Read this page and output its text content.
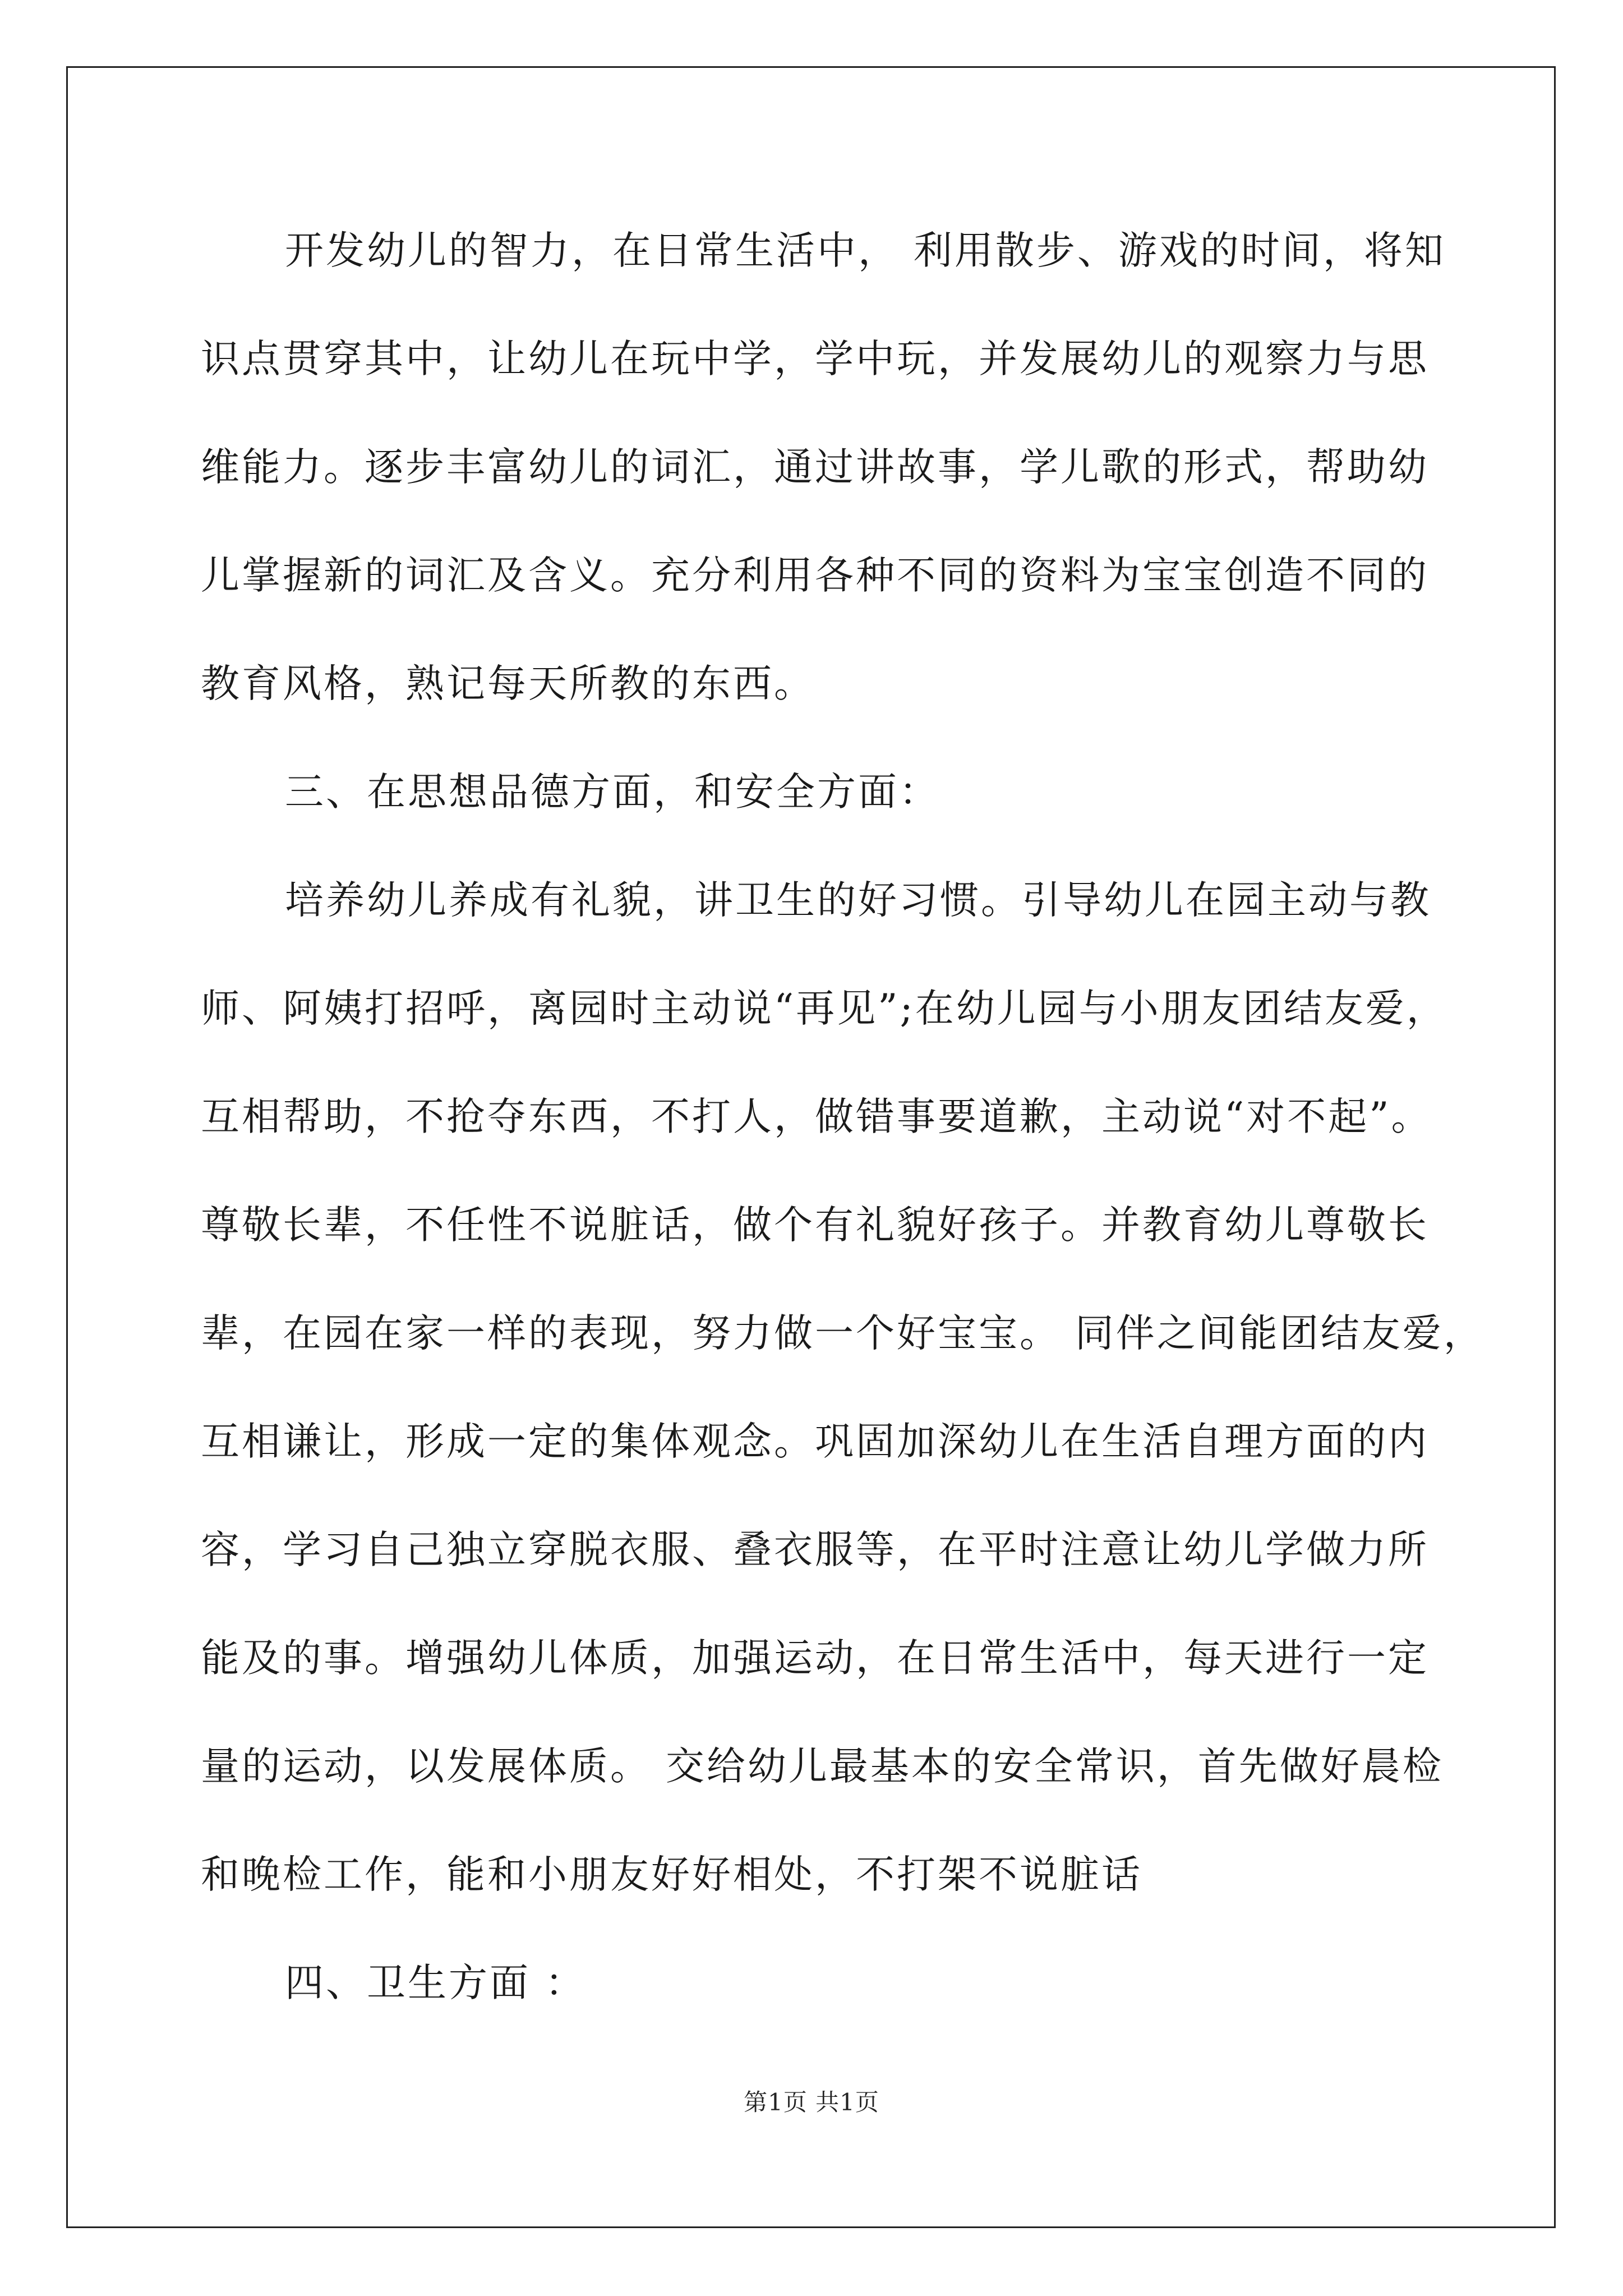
开发幼儿的智力，在日常生活中， 利用散步、游戏的时间，将知
识点贯穿其中，让幼儿在玩中学，学中玩，并发展幼儿的观察力与思
维能力。逐步丰富幼儿的词汇，通过讲故事，学儿歌的形式，帮助幼
儿掌握新的词汇及含义。充分利用各种不同的资料为宝宝创造不同的
教育风格，熟记每天所教的东西。
三、在思想品德方面，和安全方面：
培养幼儿养成有礼貌，讲卫生的好习惯。引导幼儿在园主动与教
师、阿姨打招呼，离园时主动说“再见”;在幼儿园与小朋友团结友爱，
互相帮助，不抢夺东西，不打人，做错事要道歉，主动说“对不起”。
尊敬长辈，不任性不说脏话，做个有礼貌好孩子。并教育幼儿尊敬长
辈，在园在家一样的表现，努力做一个好宝宝。 同伴之间能团结友爱，
互相谦让，形成一定的集体观念。巩固加深幼儿在生活自理方面的内
容，学习自己独立穿脱衣服、叠衣服等，在平时注意让幼儿学做力所
能及的事。增强幼儿体质，加强运动，在日常生活中，每天进行一定
量的运动，以发展体质。 交给幼儿最基本的安全常识，首先做好晨检
和晚检工作，能和小朋友好好相处，不打架不说脏话
四、卫生方面 ：
第1页 共1页
